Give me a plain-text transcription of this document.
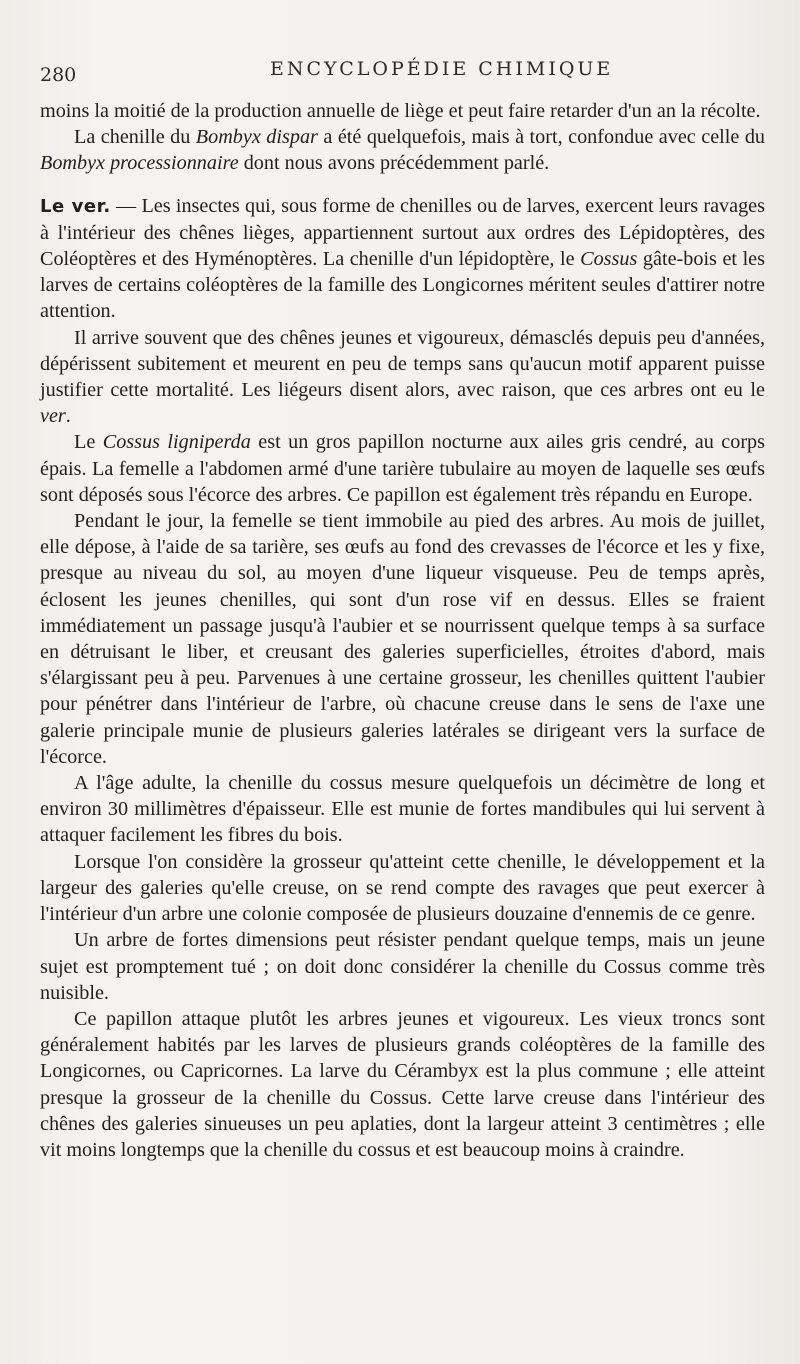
280	ENCYCLOPÉDIE CHIMIQUE

moins la moitié de la production annuelle de liège et peut faire retarder d'un an la récolte.

La chenille du Bombyx dispar a été quelquefois, mais à tort, confondue avec celle du Bombyx processionnaire dont nous avons précédemment parlé.

Le ver. — Les insectes qui, sous forme de chenilles ou de larves, exercent leurs ravages à l'intérieur des chênes lièges, appartiennent surtout aux ordres des Lépidoptères, des Coléoptères et des Hyménoptères. La chenille d'un lépidoptère, le Cossus gâte-bois et les larves de certains coléoptères de la famille des Longicornes méritent seules d'attirer notre attention.

Il arrive souvent que des chênes jeunes et vigoureux, démasclés depuis peu d'années, dépérissent subitement et meurent en peu de temps sans qu'aucun motif apparent puisse justifier cette mortalité. Les liégeurs disent alors, avec raison, que ces arbres ont eu le ver.

Le Cossus ligniperda est un gros papillon nocturne aux ailes gris cendré, au corps épais. La femelle a l'abdomen armé d'une tarière tubulaire au moyen de laquelle ses œufs sont déposés sous l'écorce des arbres. Ce papillon est également très répandu en Europe.

Pendant le jour, la femelle se tient immobile au pied des arbres. Au mois de juillet, elle dépose, à l'aide de sa tarière, ses œufs au fond des crevasses de l'écorce et les y fixe, presque au niveau du sol, au moyen d'une liqueur visqueuse. Peu de temps après, éclosent les jeunes chenilles, qui sont d'un rose vif en dessus. Elles se fraient immédiatement un passage jusqu'à l'aubier et se nourrissent quelque temps à sa surface en détruisant le liber, et creusant des galeries superficielles, étroites d'abord, mais s'élargissant peu à peu. Parvenues à une certaine grosseur, les chenilles quittent l'aubier pour pénétrer dans l'intérieur de l'arbre, où chacune creuse dans le sens de l'axe une galerie principale munie de plusieurs galeries latérales se dirigeant vers la surface de l'écorce.

A l'âge adulte, la chenille du cossus mesure quelquefois un décimètre de long et environ 30 millimètres d'épaisseur. Elle est munie de fortes mandibules qui lui servent à attaquer facilement les fibres du bois.

Lorsque l'on considère la grosseur qu'atteint cette chenille, le développement et la largeur des galeries qu'elle creuse, on se rend compte des ravages que peut exercer à l'intérieur d'un arbre une colonie composée de plusieurs douzaine d'ennemis de ce genre.

Un arbre de fortes dimensions peut résister pendant quelque temps, mais un jeune sujet est promptement tué ; on doit donc considérer la chenille du Cossus comme très nuisible.

Ce papillon attaque plutôt les arbres jeunes et vigoureux. Les vieux troncs sont généralement habités par les larves de plusieurs grands coléoptères de la famille des Longicornes, ou Capricornes. La larve du Cérambyx est la plus commune ; elle atteint presque la grosseur de la chenille du Cossus. Cette larve creuse dans l'intérieur des chênes des galeries sinueuses un peu aplaties, dont la largeur atteint 3 centimètres ; elle vit moins longtemps que la chenille du cossus et est beaucoup moins à craindre.
